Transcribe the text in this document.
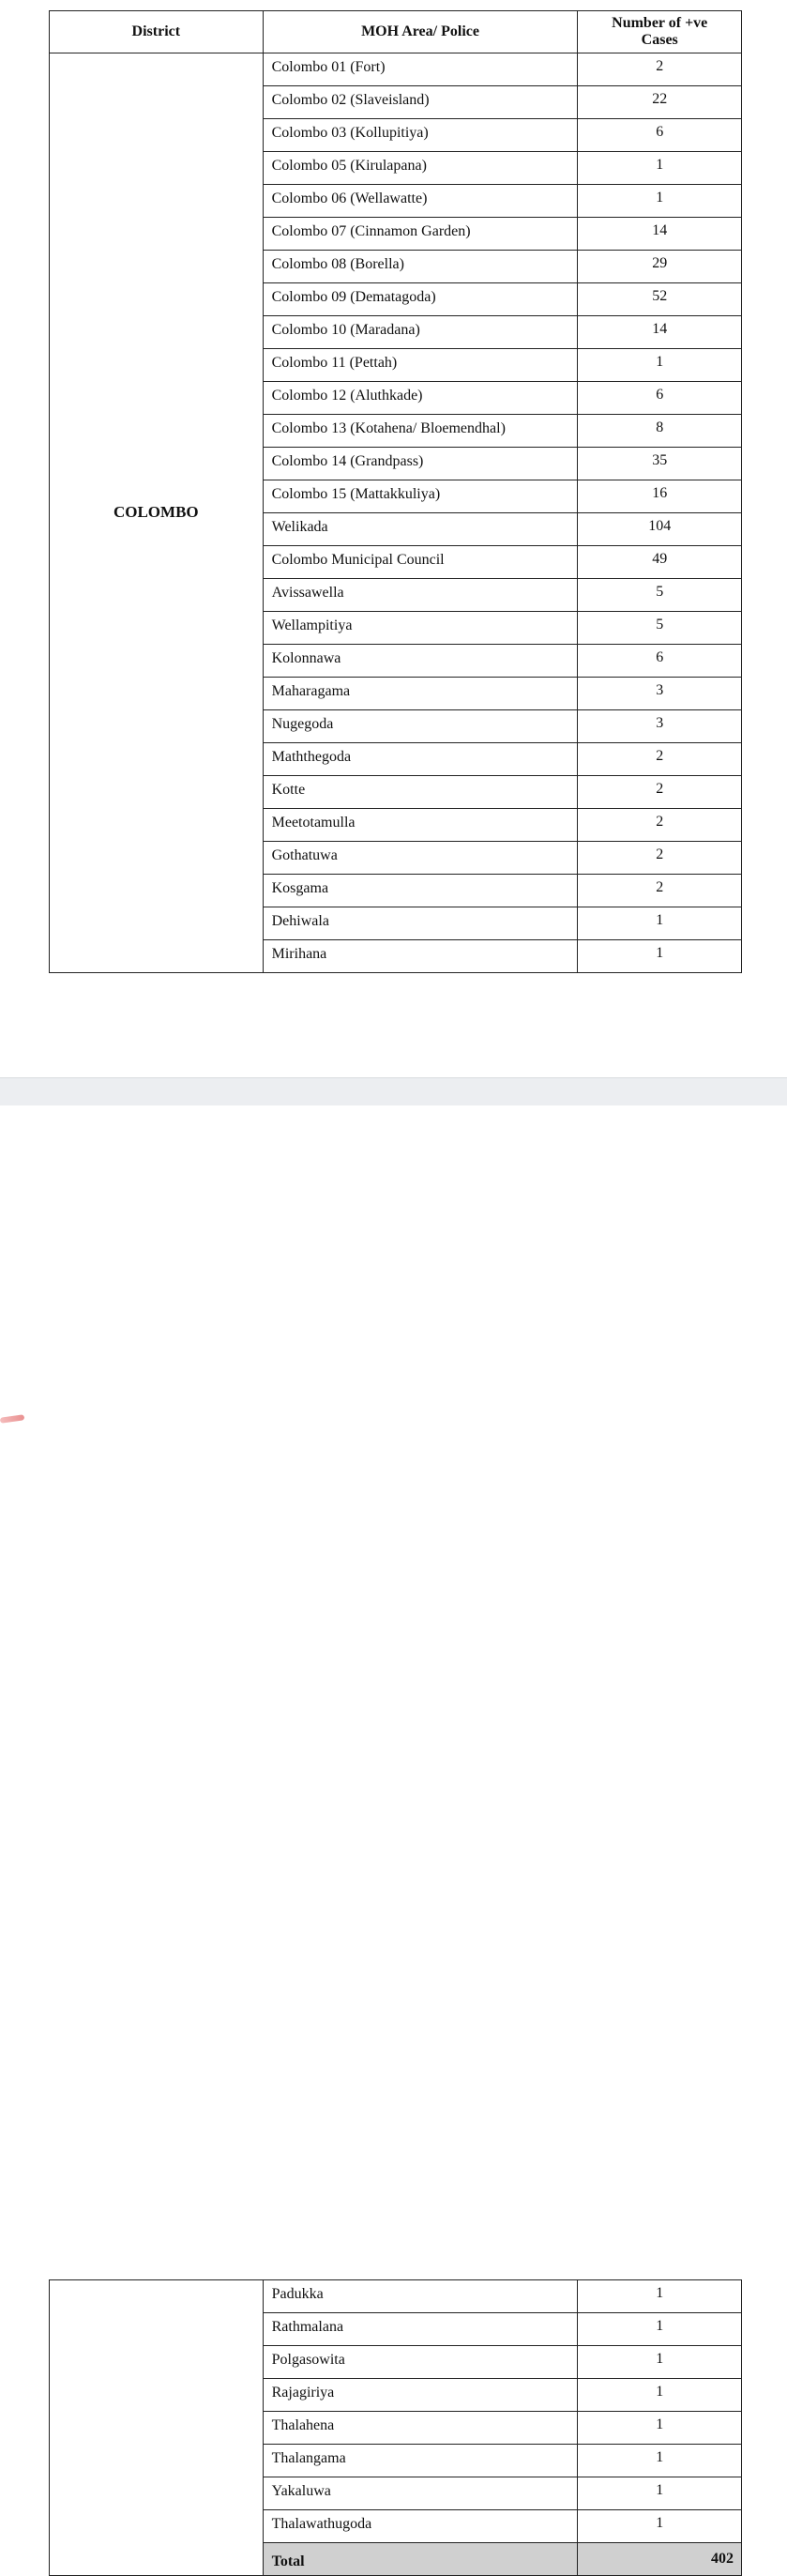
District	MOH Area/ Police	Number of +ve Cases
COLOMBO	Colombo 01 (Fort)	2
	Colombo 02 (Slaveisland)	22
	Colombo 03 (Kollupitiya)	6
	Colombo 05 (Kirulapana)	1
	Colombo 06 (Wellawatte)	1
	Colombo 07 (Cinnamon Garden)	14
	Colombo 08 (Borella)	29
	Colombo 09 (Dematagoda)	52
	Colombo 10 (Maradana)	14
	Colombo 11 (Pettah)	1
	Colombo 12 (Aluthkade)	6
	Colombo 13 (Kotahena/ Bloemendhal)	8
	Colombo 14 (Grandpass)	35
	Colombo 15 (Mattakkuliya)	16
	Welikada	104
	Colombo Municipal Council	49
	Avissawella	5
	Wellampitiya	5
	Kolonnawa	6
	Maharagama	3
	Nugegoda	3
	Maththegoda	2
	Kotte	2
	Meetotamulla	2
	Gothatuwa	2
	Kosgama	2
	Dehiwala	1
	Mirihana	1
	Padukka	1
	Rathmalana	1
	Polgasowita	1
	Rajagiriya	1
	Thalahena	1
	Thalangama	1
	Yakaluwa	1
	Thalawathugoda	1
	Total	402
